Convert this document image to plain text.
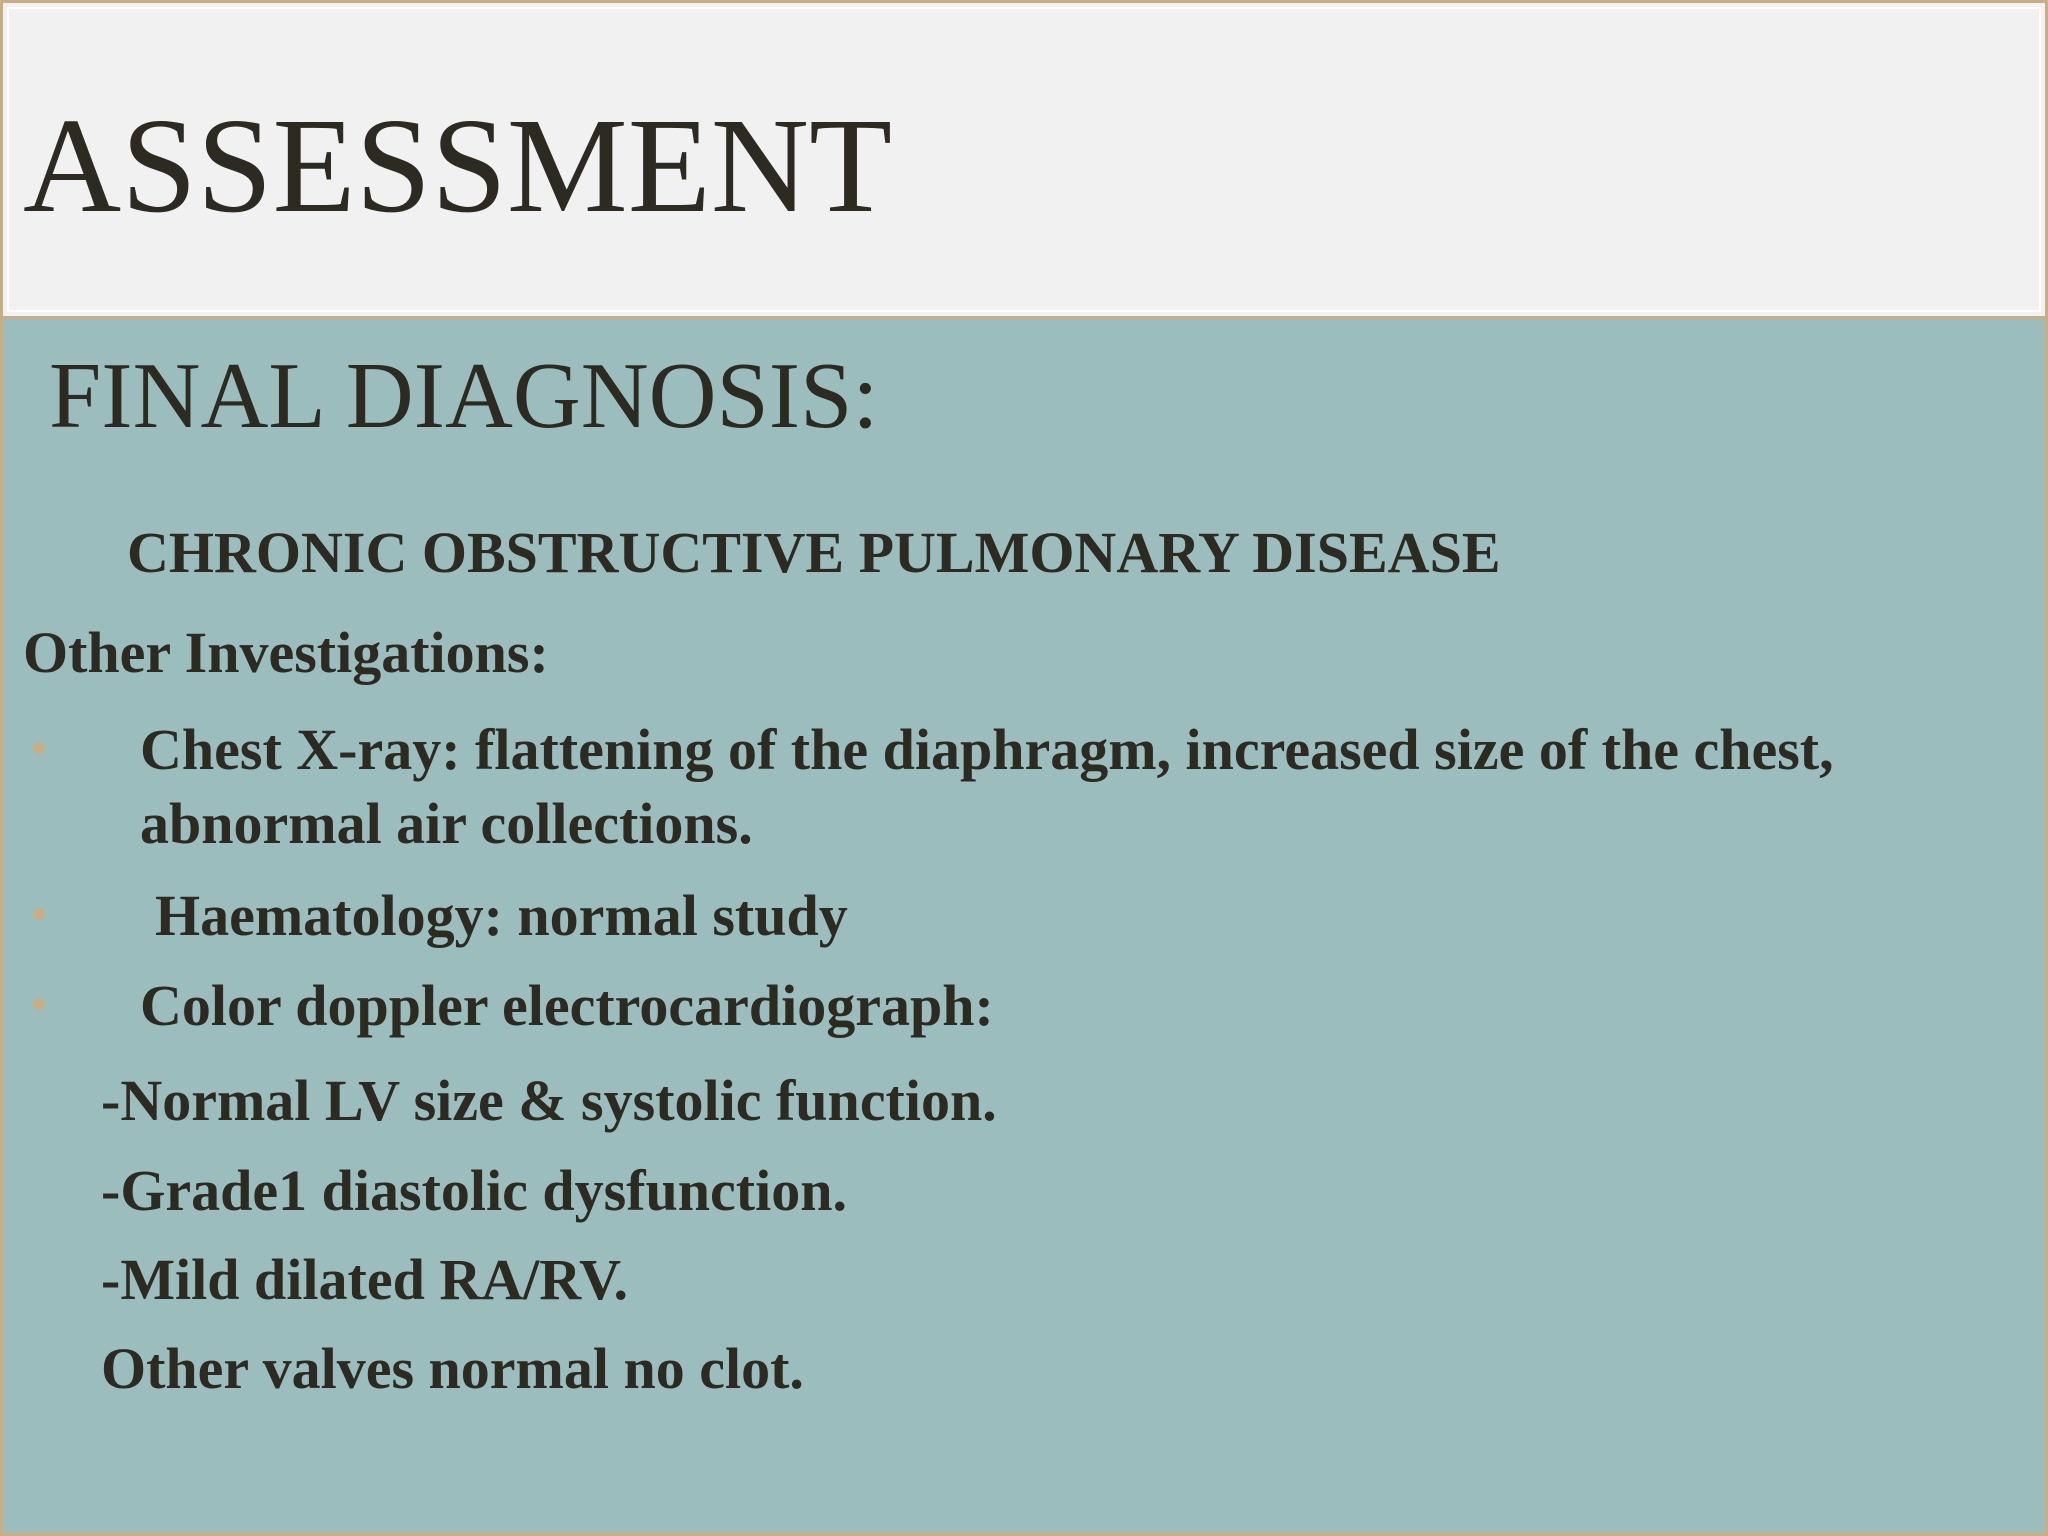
ASSESSMENT
FINAL DIAGNOSIS:

CHRONIC OBSTRUCTIVE PULMONARY DISEASE

Other Investigations:

• Chest X-ray: flattening of the diaphragm, increased size of the chest, abnormal air collections.
• Haematology: normal study
• Color doppler electrocardiograph:

-Normal LV size & systolic function.

-Grade1 diastolic dysfunction.

-Mild dilated RA/RV.

Other valves normal no clot.
